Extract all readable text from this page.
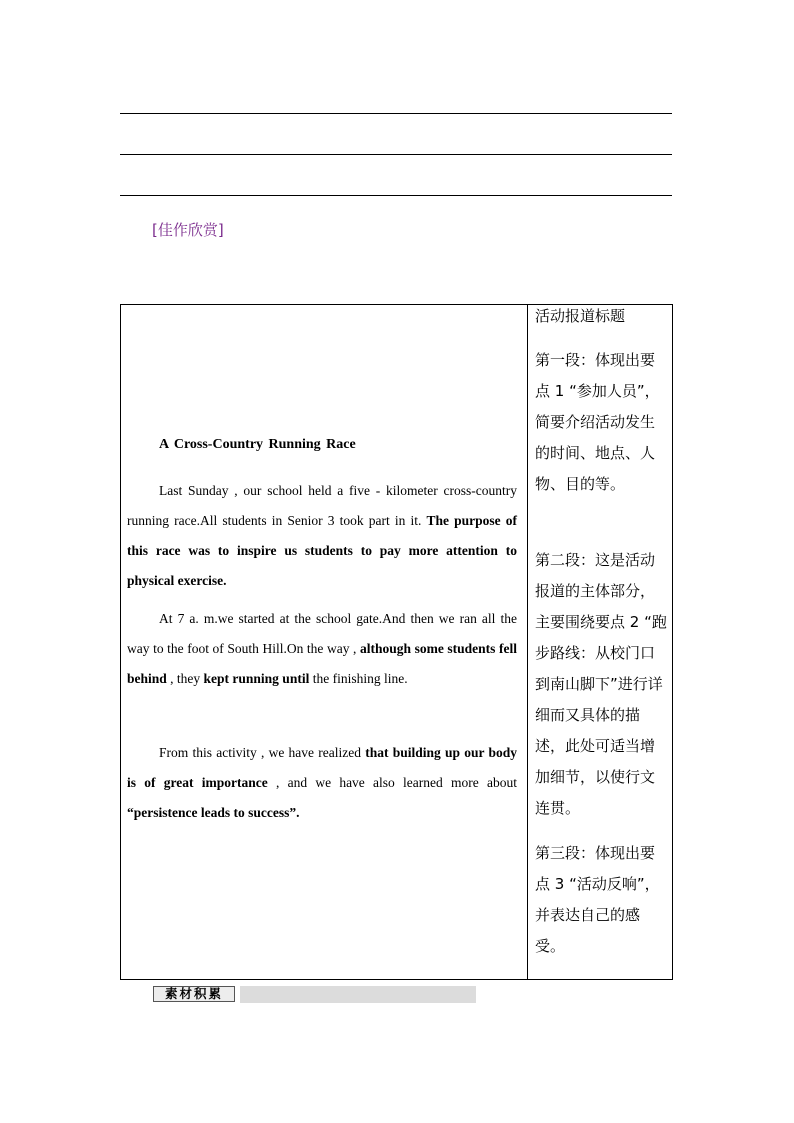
[佳作欣赏]
A Cross-Country Running Race

Last Sunday , our school held a five - kilometer cross-country running race.All students in Senior 3 took part in it. The purpose of this race was to inspire us students to pay more attention to physical exercise.

At 7 a. m.we started at the school gate.And then we ran all the way to the foot of South Hill.On the way , although some students fell behind , they kept running until the finishing line.

From this activity , we have realized that building up our body is of great importance , and we have also learned more about “persistence leads to success”.

活动报道标题
第一段：体现出要点 1 “参加人员”，简要介绍活动发生的时间、地点、人物、目的等。
第二段：这是活动报道的主体部分，主要围绕要点 2 “跑步路线：从校门口到南山脚下”进行详细而又具体的描述，此处可适当增加细节，以使行文连贯。
第三段：体现出要点 3 “活动反响”，并表达自己的感受。
素材积累
